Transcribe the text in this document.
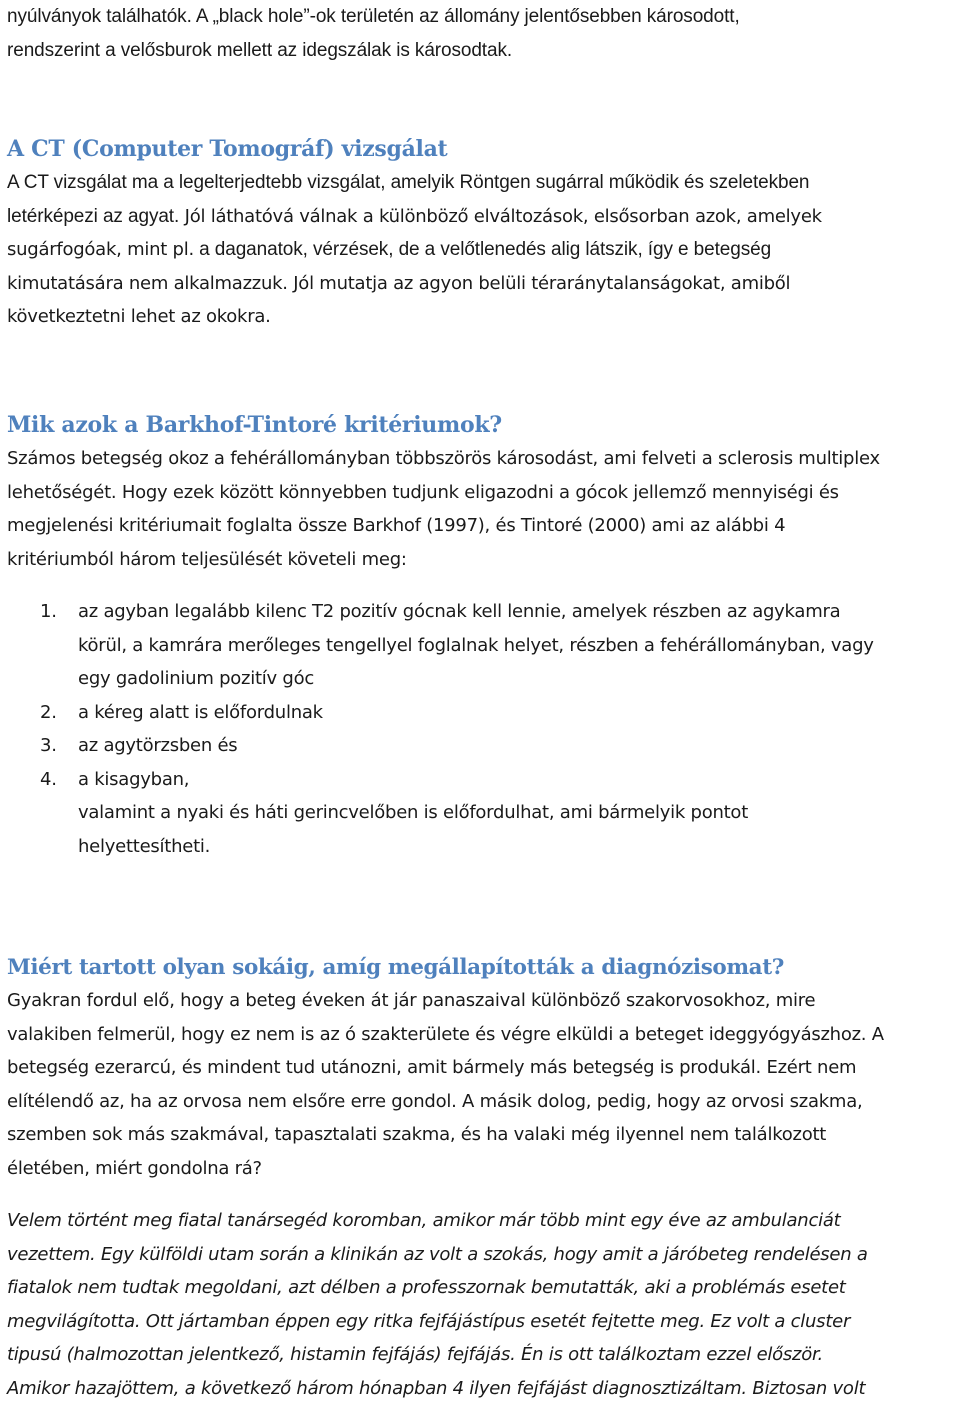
nyúlványok találhatók. A „black hole”-ok területén az állomány jelentősebben károsodott,

rendszerint a velősburok mellett az idegszálak is károsodtak.

A CT (Computer Tomográf) vizsgálat

A CT vizsgálat ma a legelterjedtebb vizsgálat, amelyik Röntgen sugárral működik és szeletekben

letérképezi az agyat. Jól láthatóvá válnak a különböző elváltozások, elsősorban azok, amelyek

sugárfogóak, mint pl. a daganatok, vérzések, de a velőtlenedés alig látszik, így e betegség

kimutatására nem alkalmazzuk. Jól mutatja az agyon belüli téraránytalanságokat, amiből

következtetni lehet az okokra.

Mik azok a Barkhof-Tintoré kritériumok?

Számos betegség okoz a fehérállományban többszörös károsodást, ami felveti a sclerosis multiplex

lehetőségét. Hogy ezek között könnyebben tudjunk eligazodni a gócok jellemző mennyiségi és

megjelenési kritériumait foglalta össze Barkhof (1997), és Tintoré (2000) ami az alábbi 4

kritériumból három teljesülését követeli meg:

1. az agyban legalább kilenc T2 pozitív gócnak kell lennie, amelyek részben az agykamra
körül, a kamrára merőleges tengellyel foglalnak helyet, részben a fehérállományban, vagy
egy gadolinium pozitív góc
2. a kéreg alatt is előfordulnak
3. az agytörzsben és
4. a kisagyban,

valamint a nyaki és háti gerincvelőben is előfordulhat, ami bármelyik pontot

helyettesítheti.

Miért tartott olyan sokáig, amíg megállapították a diagnózisomat?

Gyakran fordul elő, hogy a beteg éveken át jár panaszaival különböző szakorvosokhoz, mire

valakiben felmerül, hogy ez nem is az ó szakterülete és végre elküldi a beteget ideggyógyászhoz. A

betegség ezerarcú, és mindent tud utánozni, amit bármely más betegség is produkál. Ezért nem

elítélendő az, ha az orvosa nem elsőre erre gondol. A másik dolog, pedig, hogy az orvosi szakma,

szemben sok más szakmával, tapasztalati szakma, és ha valaki még ilyennel nem találkozott

életében, miért gondolna rá?

Velem történt meg fiatal tanársegéd koromban, amikor már több mint egy éve az ambulanciát

vezettem. Egy külföldi utam során a klinikán az volt a szokás, hogy amit a járóbeteg rendelésen a

fiatalok nem tudtak megoldani, azt délben a professzornak bemutatták, aki a problémás esetet

megvilágította. Ott jártamban éppen egy ritka fejfájástípus esetét fejtette meg. Ez volt a cluster

tipusú (halmozottan jelentkező, histamin fejfájás) fejfájás. Én is ott találkoztam ezzel először.

Amikor hazajöttem, a következő három hónapban 4 ilyen fejfájást diagnosztizáltam. Biztosan volt
